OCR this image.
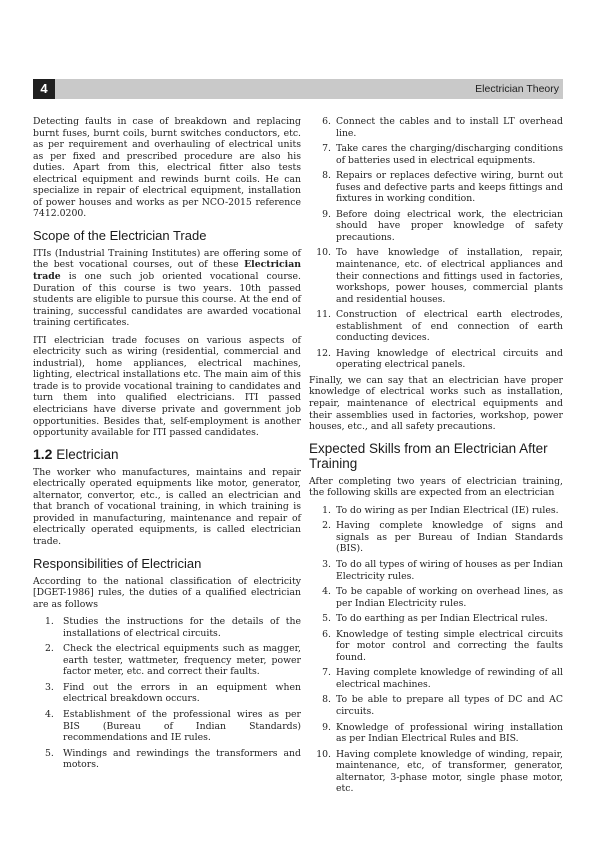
4	Electrician Theory

Detecting faults in case of breakdown and replacing burnt fuses, burnt coils, burnt switches conductors, etc. as per requirement and overhauling of electrical units as per fixed and prescribed procedure are also his duties. Apart from this, electrical fitter also tests electrical equipment and rewinds burnt coils. He can specialize in repair of electrical equipment, installation of power houses and works as per NCO-2015 reference 7412.0200.

Scope of the Electrician Trade

ITIs (Industrial Training Institutes) are offering some of the best vocational courses, out of these Electrician trade is one such job oriented vocational course. Duration of this course is two years. 10th passed students are eligible to pursue this course. At the end of training, successful candidates are awarded vocational training certificates.

ITI electrician trade focuses on various aspects of electricity such as wiring (residential, commercial and industrial), home appliances, electrical machines, lighting, electrical installations etc. The main aim of this trade is to provide vocational training to candidates and turn them into qualified electricians. ITI passed electricians have diverse private and government job opportunities. Besides that, self-employment is another opportunity available for ITI passed candidates.

1.2 Electrician

The worker who manufactures, maintains and repair electrically operated equipments like motor, generator, alternator, convertor, etc., is called an electrician and that branch of vocational training, in which training is provided in manufacturing, maintenance and repair of electrically operated equipments, is called electrician trade.

Responsibilities of Electrician

According to the national classification of electricity [DGET-1986] rules, the duties of a qualified electrician are as follows

1. Studies the instructions for the details of the installations of electrical circuits.
2. Check the electrical equipments such as magger, earth tester, wattmeter, frequency meter, power factor meter, etc. and correct their faults.
3. Find out the errors in an equipment when electrical breakdown occurs.
4. Establishment of the professional wires as per BIS (Bureau of Indian Standards) recommendations and IE rules.
5. Windings and rewindings the transformers and motors.
6. Connect the cables and to install LT overhead line.
7. Take cares the charging/discharging conditions of batteries used in electrical equipments.
8. Repairs or replaces defective wiring, burnt out fuses and defective parts and keeps fittings and fixtures in working condition.
9. Before doing electrical work, the electrician should have proper knowledge of safety precautions.
10. To have knowledge of installation, repair, maintenance, etc. of electrical appliances and their connections and fittings used in factories, workshops, power houses, commercial plants and residential houses.
11. Construction of electrical earth electrodes, establishment of end connection of earth conducting devices.
12. Having knowledge of electrical circuits and operating electrical panels.

Finally, we can say that an electrician have proper knowledge of electrical works such as installation, repair, maintenance of electrical equipments and their assemblies used in factories, workshop, power houses, etc., and all safety precautions.

Expected Skills from an Electrician After Training

After completing two years of electrician training, the following skills are expected from an electrician

1. To do wiring as per Indian Electrical (IE) rules.
2. Having complete knowledge of signs and signals as per Bureau of Indian Standards (BIS).
3. To do all types of wiring of houses as per Indian Electricity rules.
4. To be capable of working on overhead lines, as per Indian Electricity rules.
5. To do earthing as per Indian Electrical rules.
6. Knowledge of testing simple electrical circuits for motor control and correcting the faults found.
7. Having complete knowledge of rewinding of all electrical machines.
8. To be able to prepare all types of DC and AC circuits.
9. Knowledge of professional wiring installation as per Indian Electrical Rules and BIS.
10. Having complete knowledge of winding, repair, maintenance, etc, of transformer, generator, alternator, 3-phase motor, single phase motor, etc.
